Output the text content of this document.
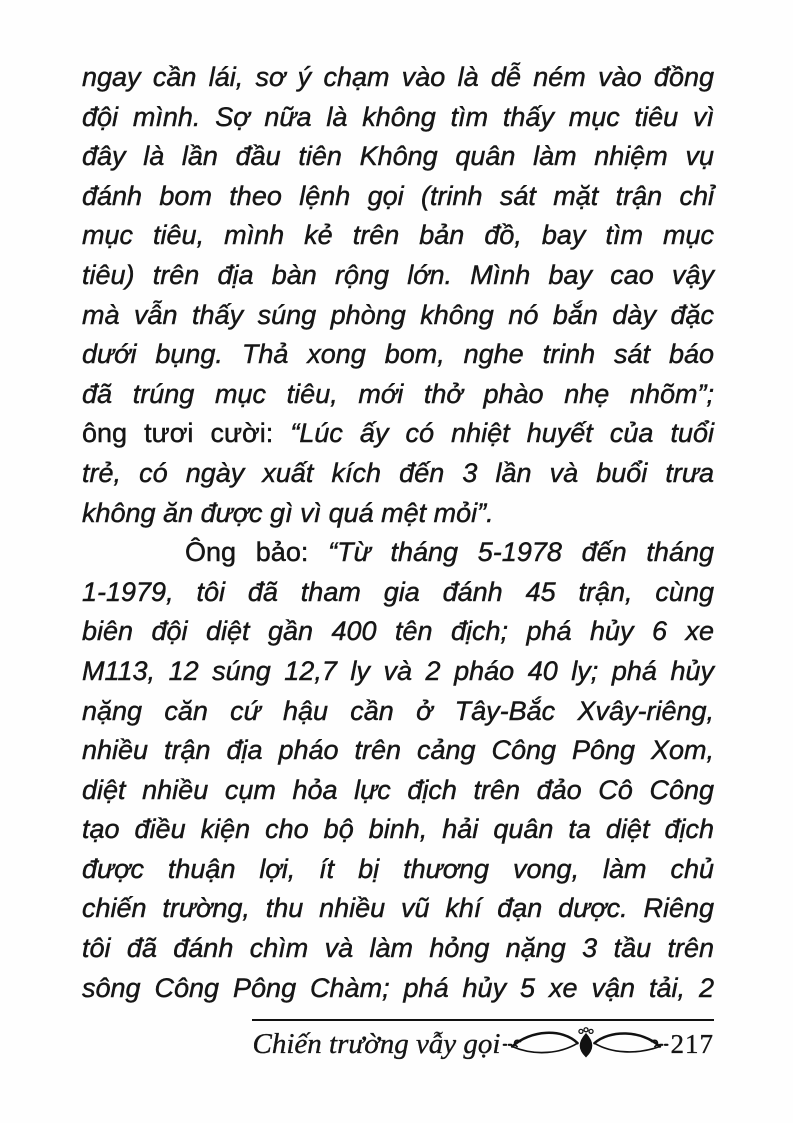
ngay cần lái, sơ ý chạm vào là dễ ném vào đồng
đội mình. Sợ nữa là không tìm thấy mục tiêu vì
đây là lần đầu tiên Không quân làm nhiệm vụ
đánh bom theo lệnh gọi (trinh sát mặt trận chỉ
mục tiêu, mình kẻ trên bản đồ, bay tìm mục
tiêu) trên địa bàn rộng lớn. Mình bay cao vậy
mà vẫn thấy súng phòng không nó bắn dày đặc
dưới bụng. Thả xong bom, nghe trinh sát báo
đã trúng mục tiêu, mới thở phào nhẹ nhõm”;
ông tươi cười: “Lúc ấy có nhiệt huyết của tuổi
trẻ, có ngày xuất kích đến 3 lần và buổi trưa
không ăn được gì vì quá mệt mỏi”.
Ông bảo: “Từ tháng 5-1978 đến tháng
1-1979, tôi đã tham gia đánh 45 trận, cùng
biên đội diệt gần 400 tên địch; phá hủy 6 xe
M113, 12 súng 12,7 ly và 2 pháo 40 ly; phá hủy
nặng căn cứ hậu cần ở Tây-Bắc Xvây-riêng,
nhiều trận địa pháo trên cảng Công Pông Xom,
diệt nhiều cụm hỏa lực địch trên đảo Cô Công
tạo điều kiện cho bộ binh, hải quân ta diệt địch
được thuận lợi, ít bị thương vong, làm chủ
chiến trường, thu nhiều vũ khí đạn dược. Riêng
tôi đã đánh chìm và làm hỏng nặng 3 tầu trên
sông Công Pông Chàm; phá hủy 5 xe vận tải, 2
Chiến trường vẫy gọi	217
